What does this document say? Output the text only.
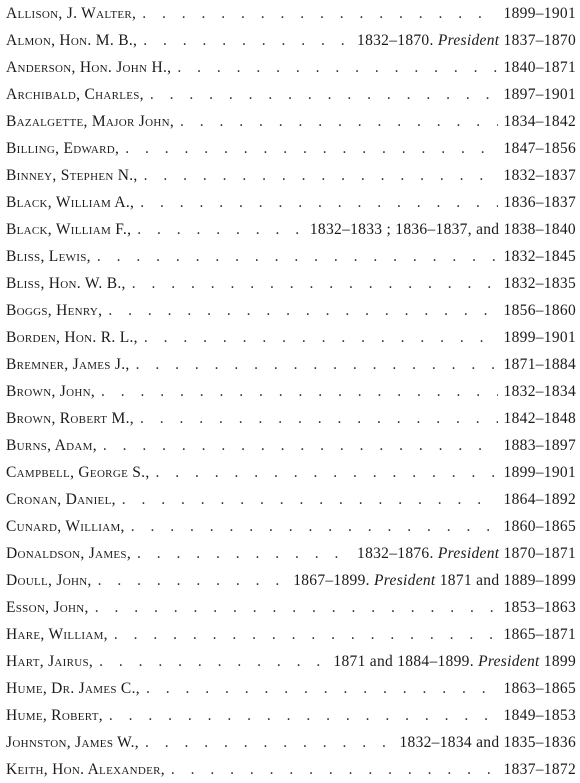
Allison, J. Walter, . . .	1899–1901
Almon, Hon. M. B., . . .	1832–1870. President 1837–1870
Anderson, Hon. John H., . . .	1840–1871
Archibald, Charles, . . .	1897–1901
Bazalgette, Major John, . . .	1834–1842
Billing, Edward, . . .	1847–1856
Binney, Stephen N., . . .	1832–1837
Black, William A., . . .	1836–1837
Black, William F., . . .	1832–1833 ; 1836–1837, and 1838–1840
Bliss, Lewis, . . .	1832–1845
Bliss, Hon. W. B., . . .	1832–1835
Boggs, Henry, . . .	1856–1860
Borden, Hon. R. L., . . .	1899–1901
Bremner, James J., . . .	1871–1884
Brown, John, . . .	1832–1834
Brown, Robert M., . . .	1842–1848
Burns, Adam, . . .	1883–1897
Campbell, George S., . . .	1899–1901
Cronan, Daniel, . . .	1864–1892
Cunard, William, . . .	1860–1865
Donaldson, James, . . .	1832–1876. President 1870–1871
Doull, John, . . .	1867–1899. President 1871 and 1889–1899
Esson, John, . . .	1853–1863
Hare, William, . . .	1865–1871
Hart, Jairus, . . .	1871 and 1884–1899. President 1899
Hume, Dr. James C., . . .	1863–1865
Hume, Robert, . . .	1849–1853
Johnston, James W., . . .	1832–1834 and 1835–1836
Keith, Hon. Alexander, . . .	1837–1872
